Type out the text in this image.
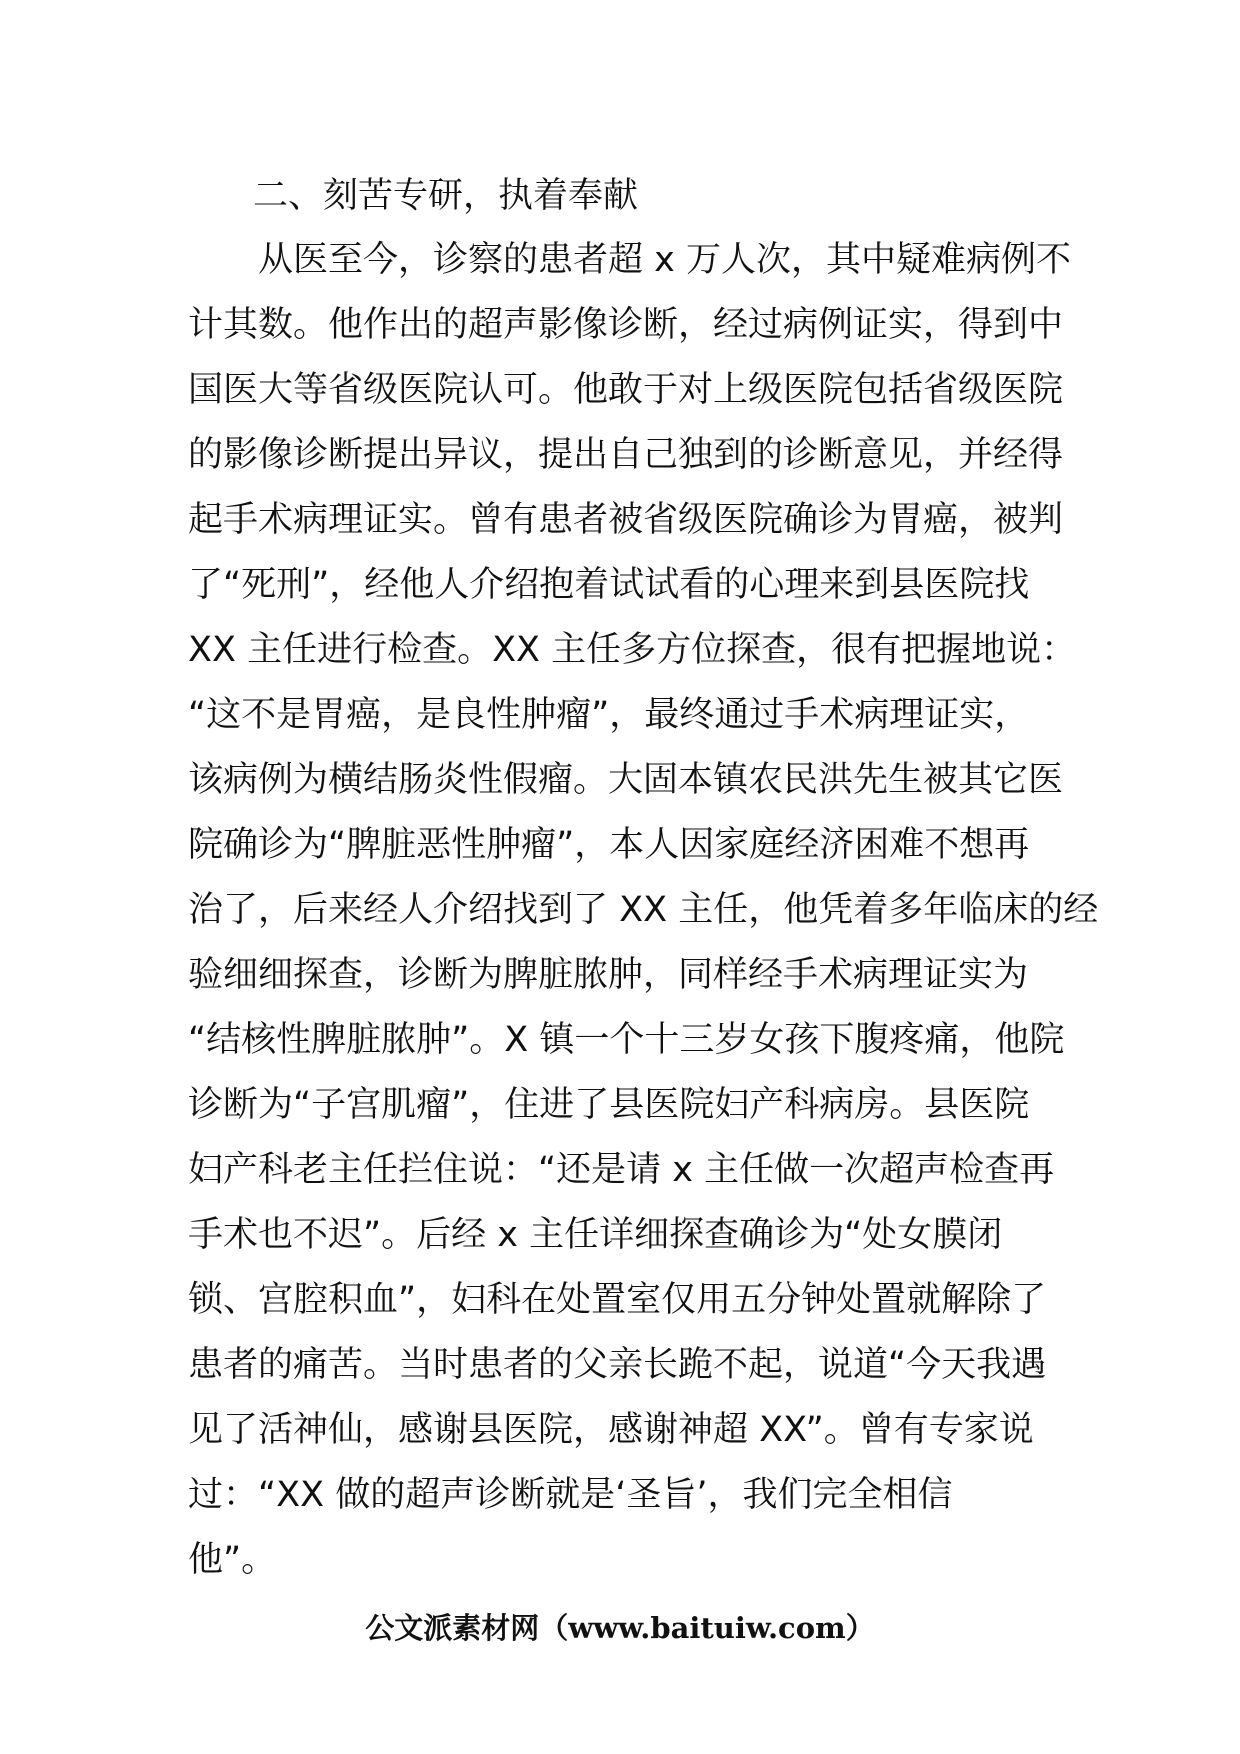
二、刻苦专研，执着奉献
　　从医至今，诊察的患者超 x 万人次，其中疑难病例不
计其数。他作出的超声影像诊断，经过病例证实，得到中
国医大等省级医院认可。他敢于对上级医院包括省级医院
的影像诊断提出异议，提出自己独到的诊断意见，并经得
起手术病理证实。曾有患者被省级医院确诊为胃癌，被判
了“死刑”，经他人介绍抱着试试看的心理来到县医院找
XX 主任进行检查。XX 主任多方位探查，很有把握地说：
“这不是胃癌，是良性肿瘤”，最终通过手术病理证实，
该病例为横结肠炎性假瘤。大固本镇农民洪先生被其它医
院确诊为“脾脏恶性肿瘤”，本人因家庭经济困难不想再
治了，后来经人介绍找到了 XX 主任，他凭着多年临床的经
验细细探查，诊断为脾脏脓肿，同样经手术病理证实为
“结核性脾脏脓肿”。X 镇一个十三岁女孩下腹疼痛，他院
诊断为“子宫肌瘤”，住进了县医院妇产科病房。县医院
妇产科老主任拦住说：“还是请 x 主任做一次超声检查再
手术也不迟”。后经 x 主任详细探查确诊为“处女膜闭
锁、宫腔积血”，妇科在处置室仅用五分钟处置就解除了
患者的痛苦。当时患者的父亲长跪不起，说道“今天我遇
见了活神仙，感谢县医院，感谢神超 XX”。曾有专家说
过：“XX 做的超声诊断就是‘圣旨’，我们完全相信
他”。
公文派素材网（www.baituiw.com）
